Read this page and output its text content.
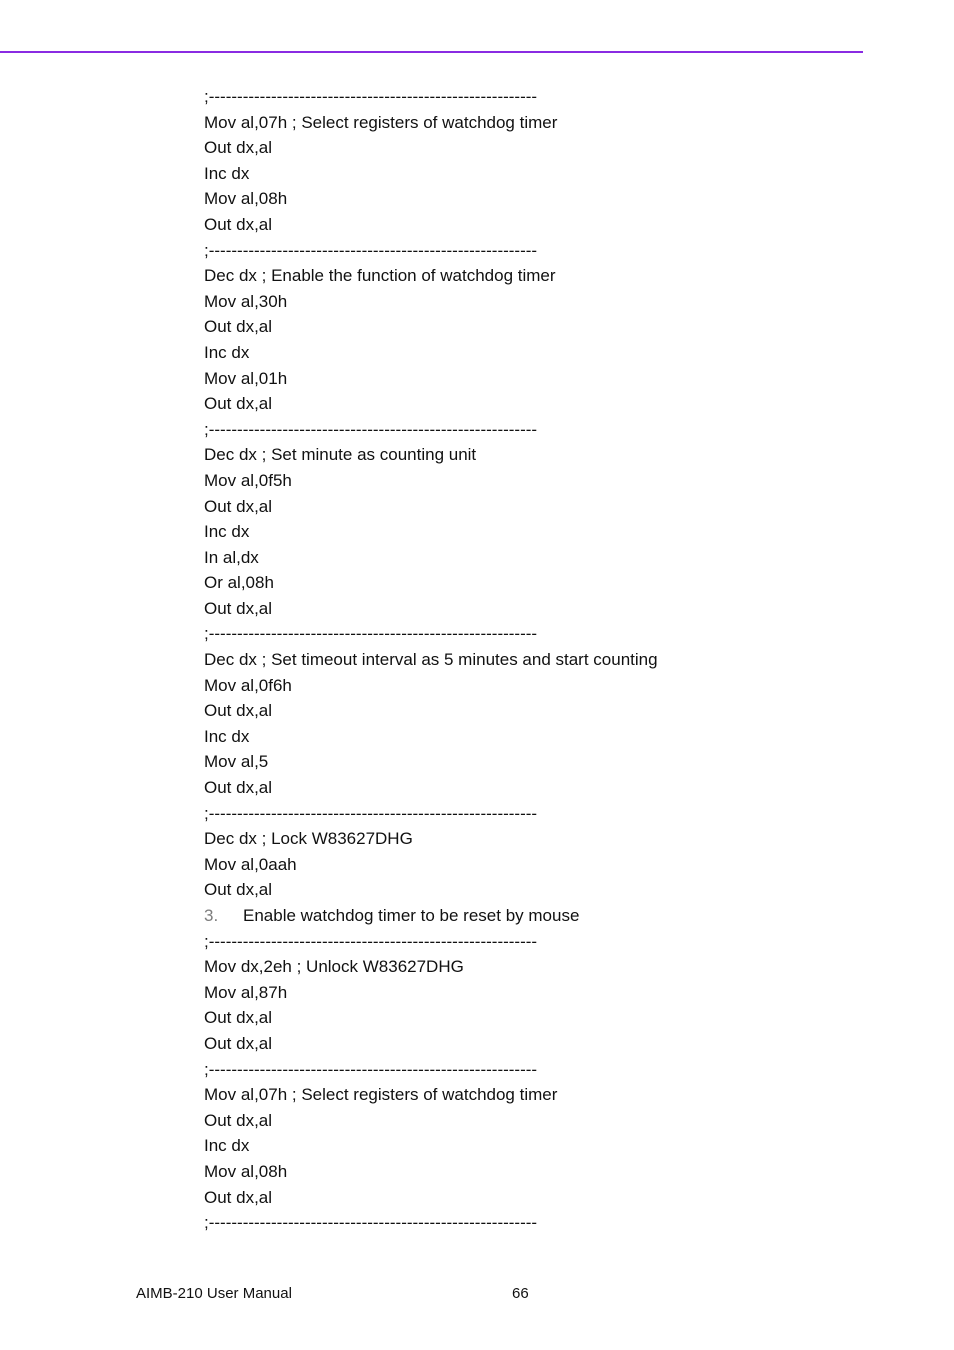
;----------------------------------------------------------
Mov al,07h ; Select registers of watchdog timer
Out dx,al
Inc dx
Mov al,08h
Out dx,al
;----------------------------------------------------------
Dec dx ; Enable the function of watchdog timer
Mov al,30h
Out dx,al
Inc dx
Mov al,01h
Out dx,al
;----------------------------------------------------------
Dec dx ; Set minute as counting unit
Mov al,0f5h
Out dx,al
Inc dx
In al,dx
Or al,08h
Out dx,al
;----------------------------------------------------------
Dec dx ; Set timeout interval as 5 minutes and start counting
Mov al,0f6h
Out dx,al
Inc dx
Mov al,5
Out dx,al
;----------------------------------------------------------
Dec dx ; Lock W83627DHG
Mov al,0aah
Out dx,al
3. Enable watchdog timer to be reset by mouse
;----------------------------------------------------------
Mov dx,2eh ; Unlock W83627DHG
Mov al,87h
Out dx,al
Out dx,al
;----------------------------------------------------------
Mov al,07h ; Select registers of watchdog timer
Out dx,al
Inc dx
Mov al,08h
Out dx,al
;----------------------------------------------------------
AIMB-210 User Manual	66
